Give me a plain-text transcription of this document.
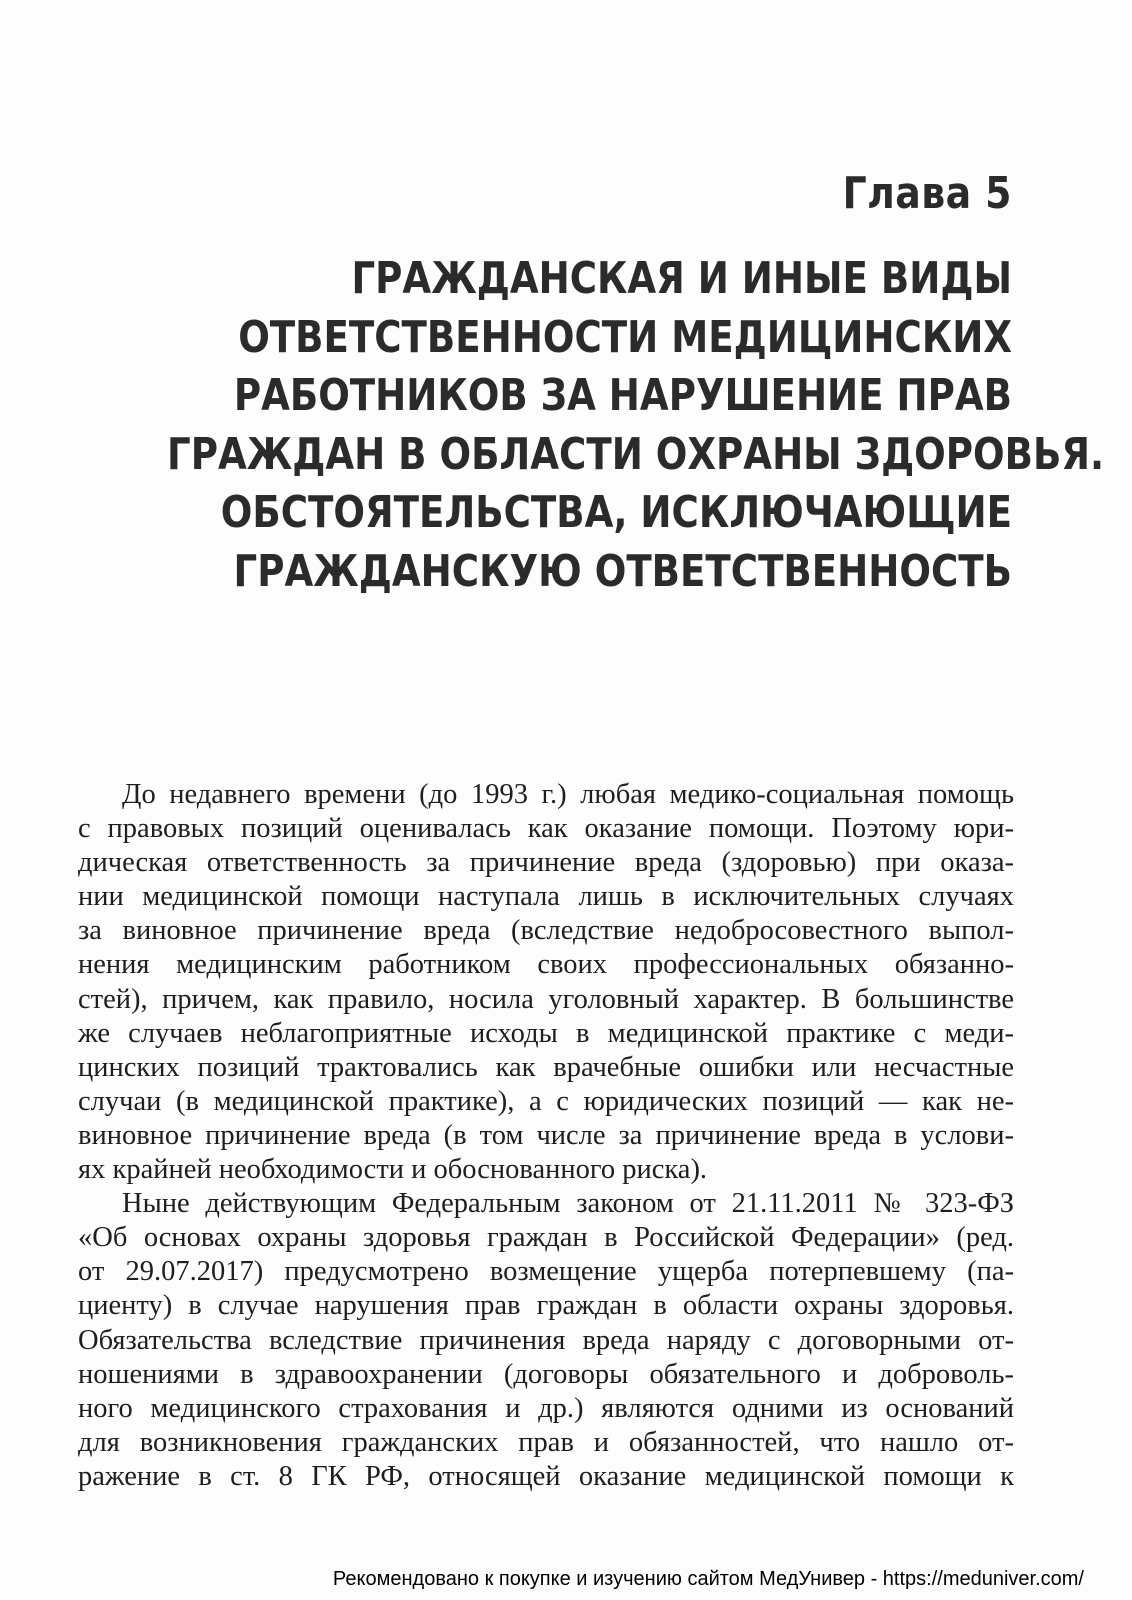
Глава 5
ГРАЖДАНСКАЯ И ИНЫЕ ВИДЫ
ОТВЕТСТВЕННОСТИ МЕДИЦИНСКИХ
РАБОТНИКОВ ЗА НАРУШЕНИЕ ПРАВ
ГРАЖДАН В ОБЛАСТИ ОХРАНЫ ЗДОРОВЬЯ.
ОБСТОЯТЕЛЬСТВА, ИСКЛЮЧАЮЩИЕ
ГРАЖДАНСКУЮ ОТВЕТСТВЕННОСТЬ
До недавнего времени (до 1993 г.) любая медико-социальная помощь
с правовых позиций оценивалась как оказание помощи. Поэтому юри-
дическая ответственность за причинение вреда (здоровью) при оказа-
нии медицинской помощи наступала лишь в исключительных случаях
за виновное причинение вреда (вследствие недобросовестного выпол-
нения медицинским работником своих профессиональных обязанно-
стей), причем, как правило, носила уголовный характер. В большинстве
же случаев неблагоприятные исходы в медицинской практике с меди-
цинских позиций трактовались как врачебные ошибки или несчастные
случаи (в медицинской практике), а с юридических позиций — как не-
виновное причинение вреда (в том числе за причинение вреда в услови-
ях крайней необходимости и обоснованного риска).
Ныне действующим Федеральным законом от 21.11.2011 № 323-ФЗ
«Об основах охраны здоровья граждан в Российской Федерации» (ред.
от 29.07.2017) предусмотрено возмещение ущерба потерпевшему (па-
циенту) в случае нарушения прав граждан в области охраны здоровья.
Обязательства вследствие причинения вреда наряду с договорными от-
ношениями в здравоохранении (договоры обязательного и доброволь-
ного медицинского страхования и др.) являются одними из оснований
для возникновения гражданских прав и обязанностей, что нашло от-
ражение в ст. 8 ГК РФ, относящей оказание медицинской помощи к
Рекомендовано к покупке и изучению сайтом МедУнивер - https://meduniver.com/
